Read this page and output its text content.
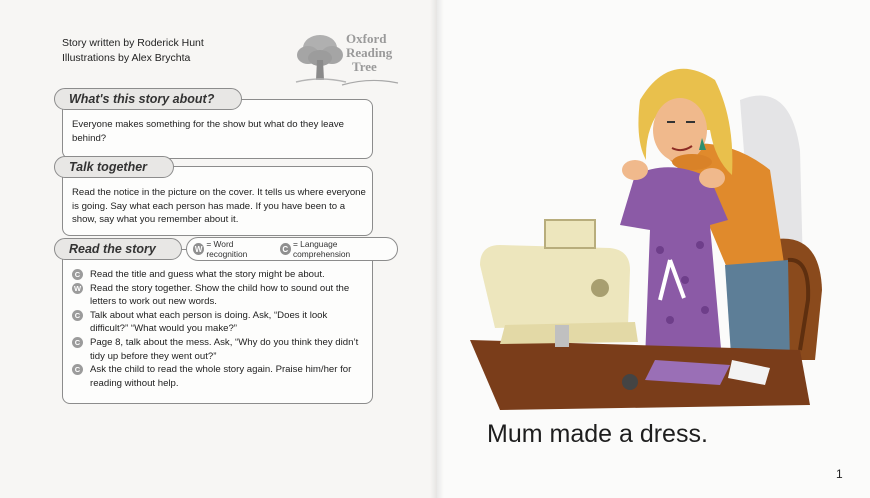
Story written by Roderick Hunt
Illustrations by Alex Brychta
Oxford
Reading
Tree
What's this story about?
Everyone makes something for the show but what do they leave behind?
Talk together
Read the notice in the picture on the cover. It tells us where everyone is going. Say what each person has made. If you have been to a show, say what you remember about it.
Read the story	W = Word recognition	C = Language comprehension
C	Read the title and guess what the story might be about.
W Read the story together. Show the child how to sound out the letters to work out new words.
C	Talk about what each person is doing. Ask, “Does it look difficult?” “What would you make?”
C	Page 8, talk about the mess. Ask, “Why do you think they didn’t tidy up before they went out?”
C	Ask the child to read the whole story again. Praise him/her for reading without help.
Mum made a dress.
1
